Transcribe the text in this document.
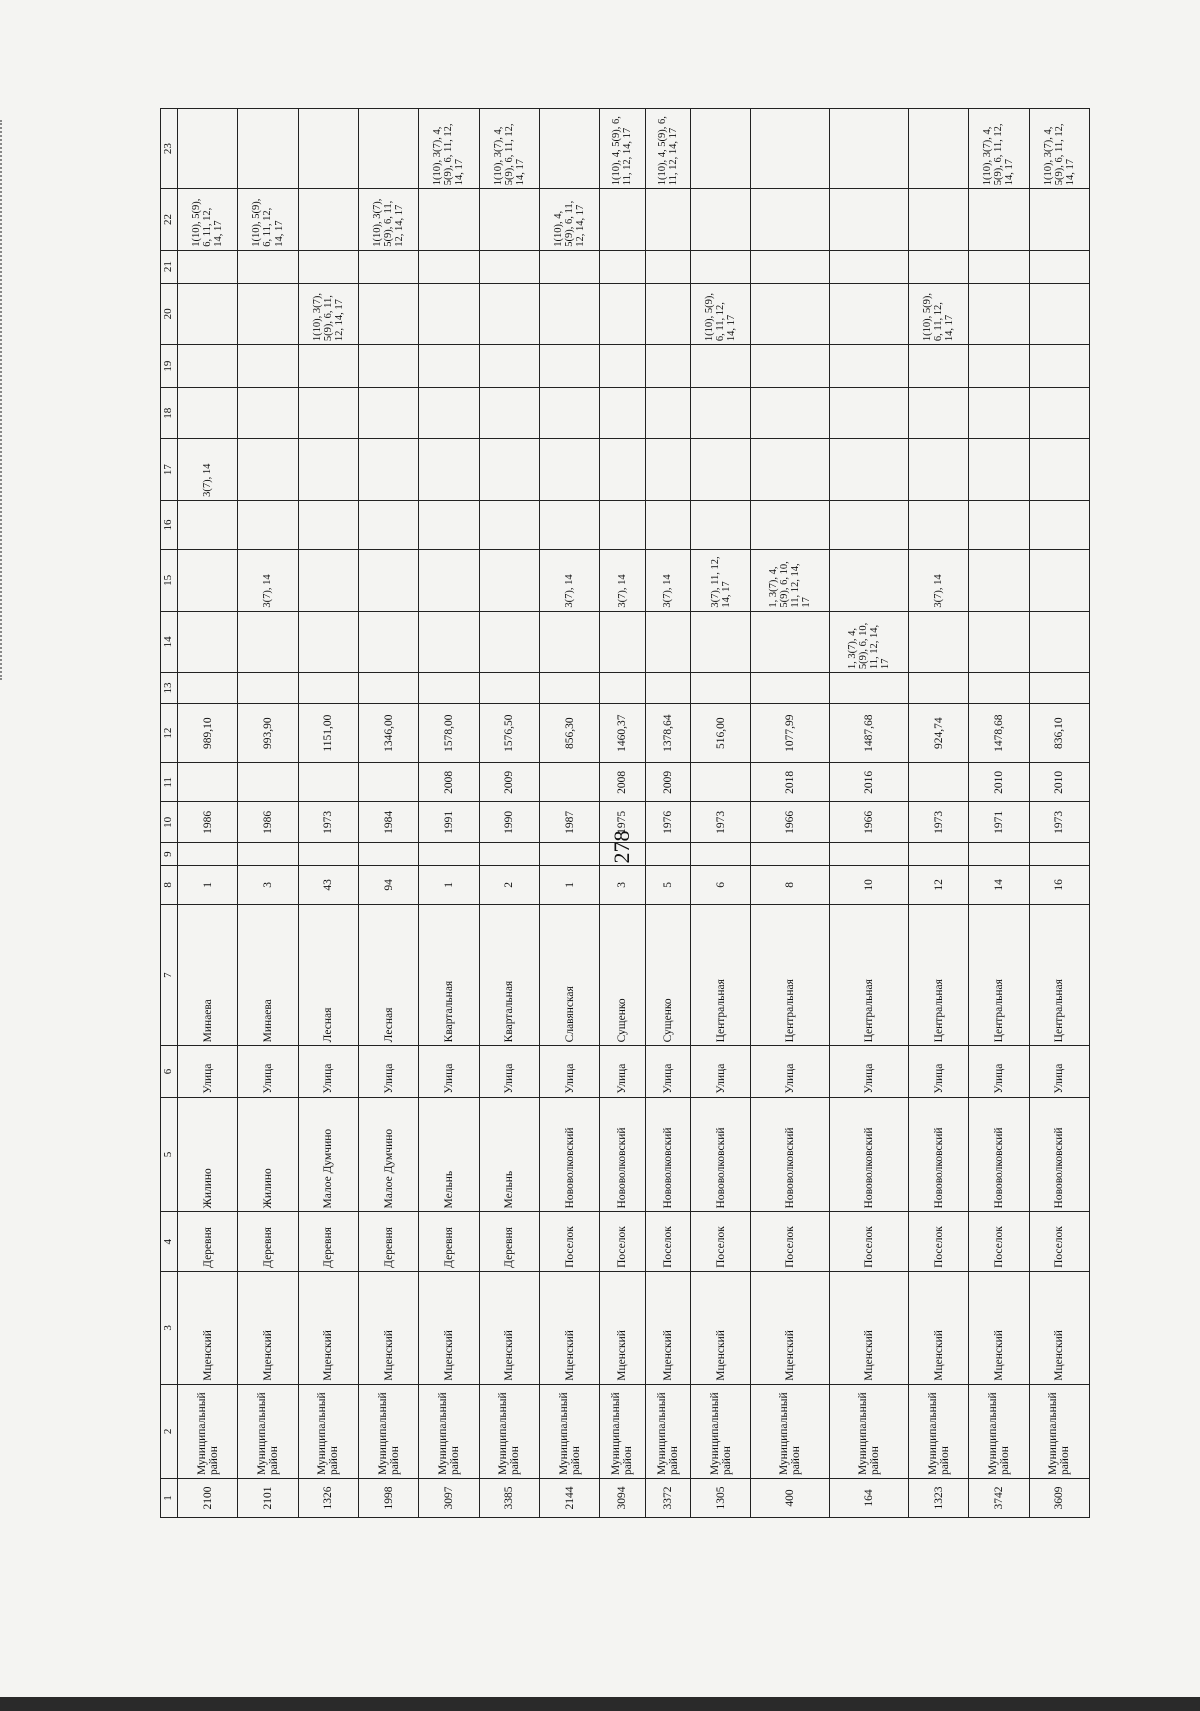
278
1	2	3	4	5	6	7	8	9	10	11	12	13	14	15	16	17	18	19	20	21	22	23
2100	Муниципальный район	Мценский	Деревня	Жилино	Улица	Минаева	1		1986		989,10					3(7), 14					1(10), 5(9), 6, 11, 12, 14, 17	
2101	Муниципальный район	Мценский	Деревня	Жилино	Улица	Минаева	3		1986		993,90			3(7), 14							1(10), 5(9), 6, 11, 12, 14, 17	
1326	Муниципальный район	Мценский	Деревня	Малое Думчино	Улица	Лесная	43		1973		1151,00								1(10), 3(7), 5(9), 6, 11, 12, 14, 17			
1998	Муниципальный район	Мценский	Деревня	Малое Думчино	Улица	Лесная	94		1984		1346,00										1(10), 3(7), 5(9), 6, 11, 12, 14, 17	
3097	Муниципальный район	Мценский	Деревня	Мельнь	Улица	Квартальная	1		1991	2008	1578,00											1(10), 3(7), 4, 5(9), 6, 11, 12, 14, 17
3385	Муниципальный район	Мценский	Деревня	Мельнь	Улица	Квартальная	2		1990	2009	1576,50											1(10), 3(7), 4, 5(9), 6, 11, 12, 14, 17
2144	Муниципальный район	Мценский	Поселок	Нововолковский	Улица	Славянская	1		1987		856,30			3(7), 14							1(10), 4, 5(9), 6, 11, 12, 14, 17	
3094	Муниципальный район	Мценский	Поселок	Нововолковский	Улица	Сущенко	3		1975	2008	1460,37			3(7), 14								1(10), 4, 5(9), 6, 11, 12, 14, 17
3372	Муниципальный район	Мценский	Поселок	Нововолковский	Улица	Сущенко	5		1976	2009	1378,64			3(7), 14								1(10), 4, 5(9), 6, 11, 12, 14, 17
1305	Муниципальный район	Мценский	Поселок	Нововолковский	Улица	Центральная	6		1973		516,00			3(7), 11, 12, 14, 17					1(10), 5(9), 6, 11, 12, 14, 17			
400	Муниципальный район	Мценский	Поселок	Нововолковский	Улица	Центральная	8		1966	2018	1077,99			1, 3(7), 4, 5(9), 6, 10, 11, 12, 14, 17								
164	Муниципальный район	Мценский	Поселок	Нововолковский	Улица	Центральная	10		1966	2016	1487,68		1, 3(7), 4, 5(9), 6, 10, 11, 12, 14, 17									
1323	Муниципальный район	Мценский	Поселок	Нововолковский	Улица	Центральная	12		1973		924,74			3(7), 14					1(10), 5(9), 6, 11, 12, 14, 17			
3742	Муниципальный район	Мценский	Поселок	Нововолковский	Улица	Центральная	14		1971	2010	1478,68											1(10), 3(7), 4, 5(9), 6, 11, 12, 14, 17
3609	Муниципальный район	Мценский	Поселок	Нововолковский	Улица	Центральная	16		1973	2010	836,10											1(10), 3(7), 4, 5(9), 6, 11, 12, 14, 17
